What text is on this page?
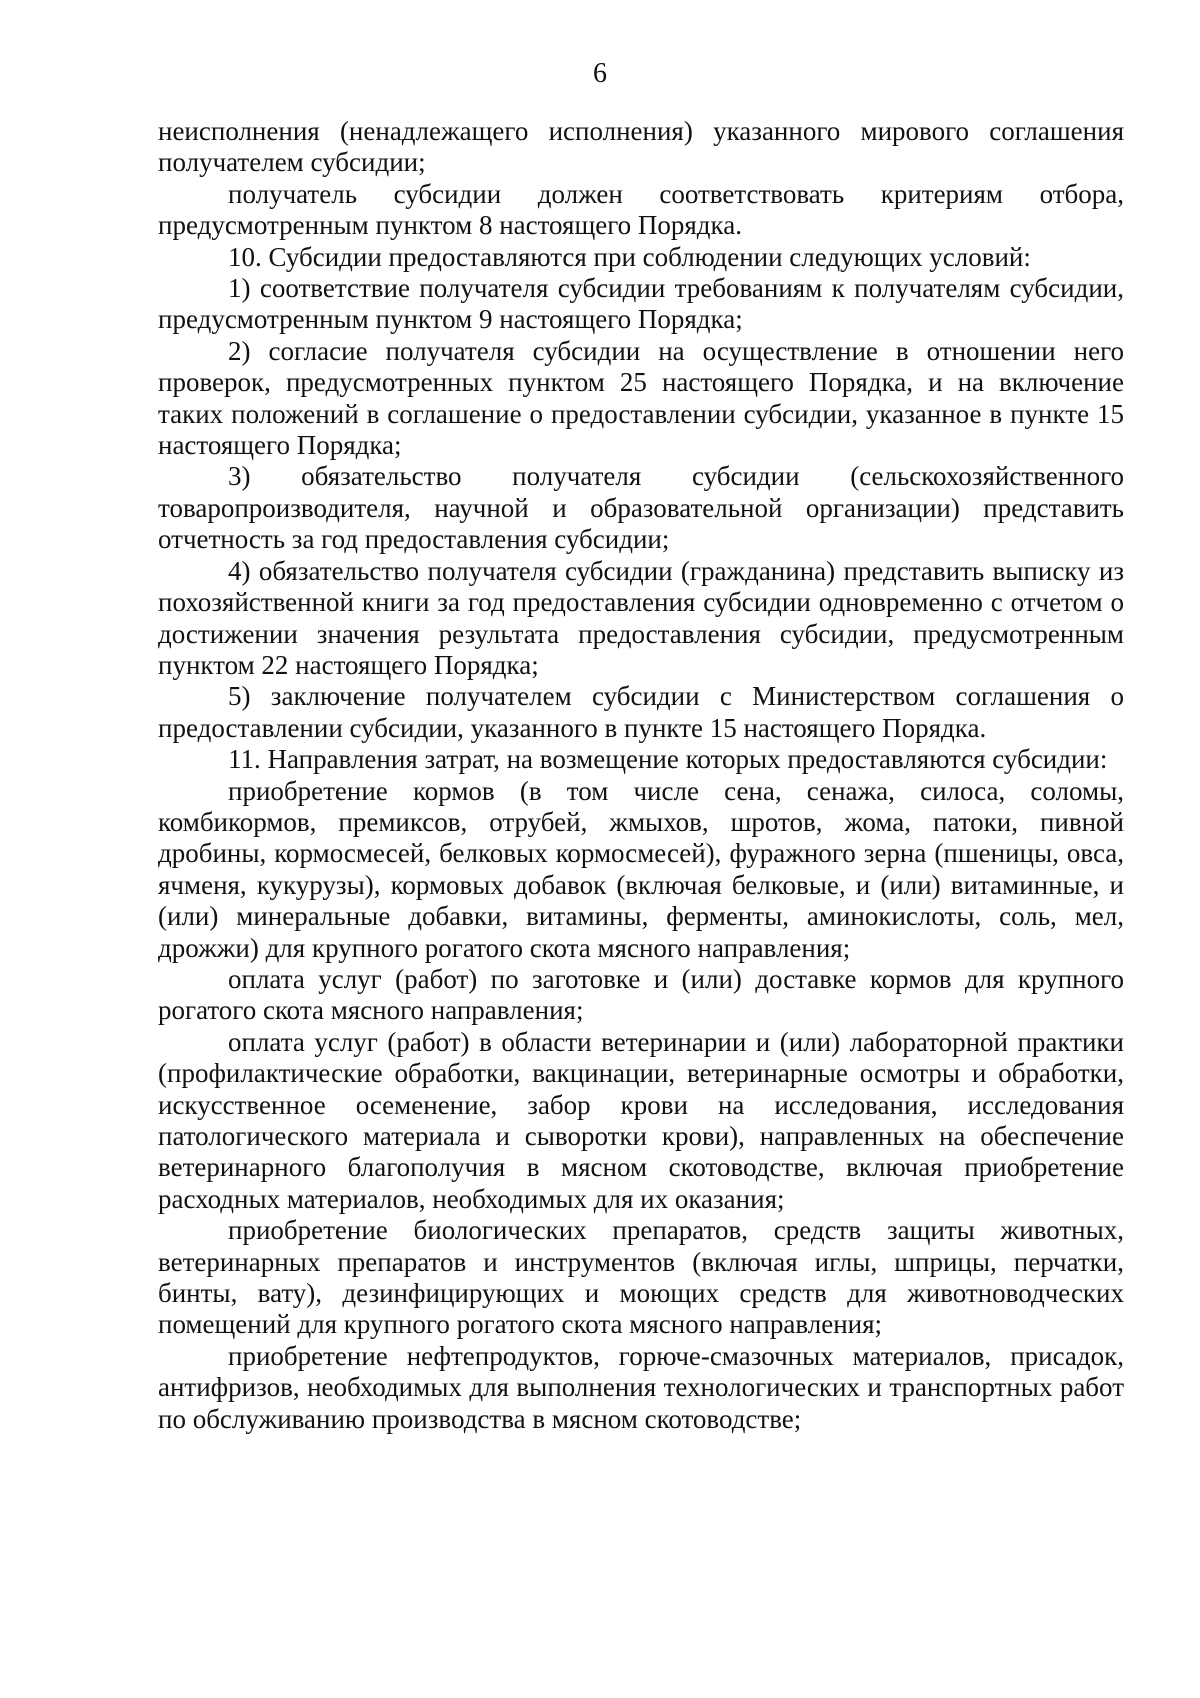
6

неисполнения (ненадлежащего исполнения) указанного мирового соглашения получателем субсидии;

получатель субсидии должен соответствовать критериям отбора, предусмотренным пунктом 8 настоящего Порядка.

10. Субсидии предоставляются при соблюдении следующих условий:

1) соответствие получателя субсидии требованиям к получателям субсидии, предусмотренным пунктом 9 настоящего Порядка;

2) согласие получателя субсидии на осуществление в отношении него проверок, предусмотренных пунктом 25 настоящего Порядка, и на включение таких положений в соглашение о предоставлении субсидии, указанное в пункте 15 настоящего Порядка;

3) обязательство получателя субсидии (сельскохозяйственного товаропроизводителя, научной и образовательной организации) представить отчетность за год предоставления субсидии;

4) обязательство получателя субсидии (гражданина) представить выписку из похозяйственной книги за год предоставления субсидии одновременно с отчетом о достижении значения результата предоставления субсидии, предусмотренным пунктом 22 настоящего Порядка;

5) заключение получателем субсидии с Министерством соглашения о предоставлении субсидии, указанного в пункте 15 настоящего Порядка.

11. Направления затрат, на возмещение которых предоставляются субсидии:

приобретение кормов (в том числе сена, сенажа, силоса, соломы, комбикормов, премиксов, отрубей, жмыхов, шротов, жома, патоки, пивной дробины, кормосмесей, белковых кормосмесей), фуражного зерна (пшеницы, овса, ячменя, кукурузы), кормовых добавок (включая белковые, и (или) витаминные, и (или) минеральные добавки, витамины, ферменты, аминокислоты, соль, мел, дрожжи) для крупного рогатого скота мясного направления;

оплата услуг (работ) по заготовке и (или) доставке кормов для крупного рогатого скота мясного направления;

оплата услуг (работ) в области ветеринарии и (или) лабораторной практики (профилактические обработки, вакцинации, ветеринарные осмотры и обработки, искусственное осеменение, забор крови на исследования, исследования патологического материала и сыворотки крови), направленных на обеспечение ветеринарного благополучия в мясном скотоводстве, включая приобретение расходных материалов, необходимых для их оказания;

приобретение биологических препаратов, средств защиты животных, ветеринарных препаратов и инструментов (включая иглы, шприцы, перчатки, бинты, вату), дезинфицирующих и моющих средств для животноводческих помещений для крупного рогатого скота мясного направления;

приобретение нефтепродуктов, горюче-смазочных материалов, присадок, антифризов, необходимых для выполнения технологических и транспортных работ по обслуживанию производства в мясном скотоводстве;
